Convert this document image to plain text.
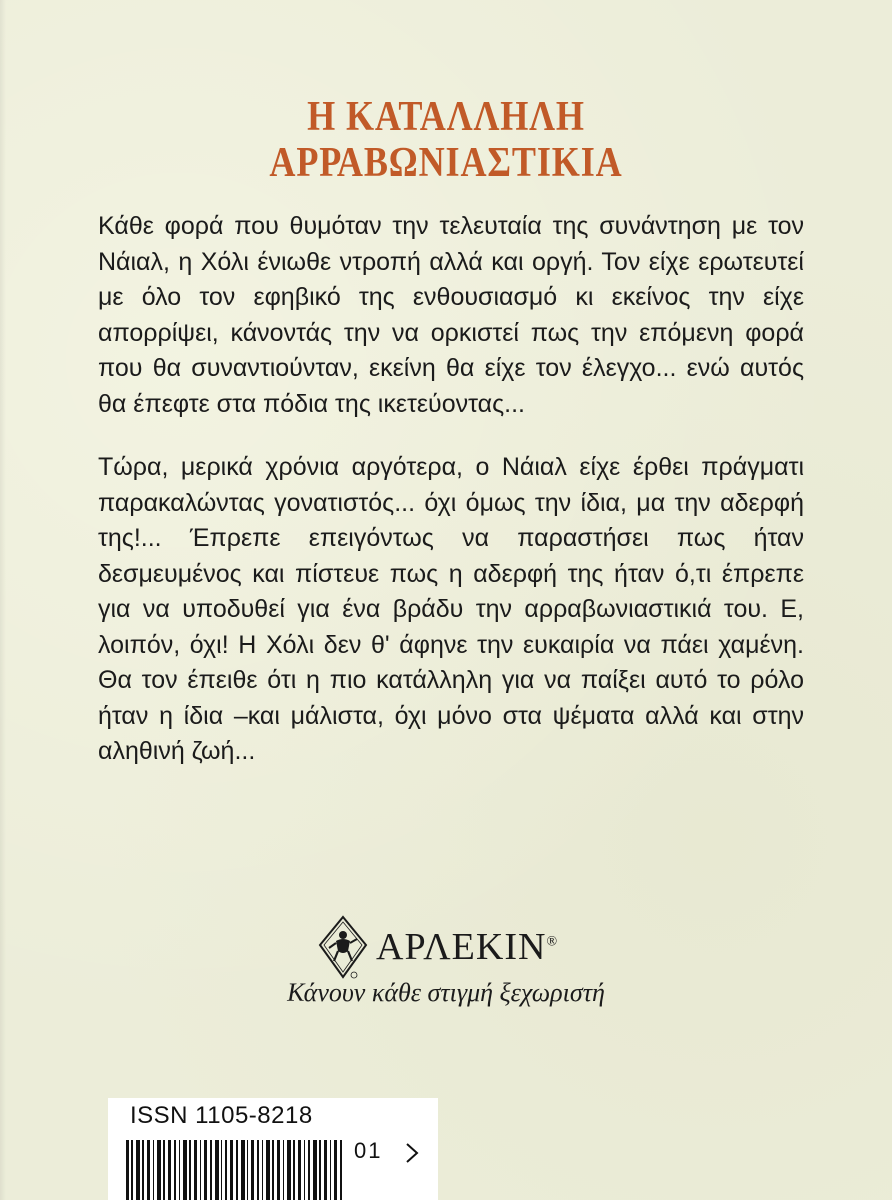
Η ΚΑΤΑΛΛΗΛΗ
ΑΡΡΑΒΩΝΙΑΣΤΙΚΙΑ

Κάθε φορά που θυμόταν την τελευταία της συνάντηση με τον Νάιαλ, η Χόλι ένιωθε ντροπή αλλά και οργή. Τον είχε ερωτευτεί με όλο τον εφηβικό της ενθουσιασμό κι εκείνος την είχε απορρίψει, κάνοντάς την να ορκιστεί πως την επόμενη φορά που θα συναντιούνταν, εκείνη θα είχε τον έλεγχο... ενώ αυτός θα έπεφτε στα πόδια της ικετεύοντας...

Τώρα, μερικά χρόνια αργότερα, ο Νάιαλ είχε έρθει πράγματι παρακαλώντας γονατιστός... όχι όμως την ίδια, μα την αδερφή της!... Έπρεπε επειγόντως να παραστήσει πως ήταν δεσμευμένος και πίστευε πως η αδερφή της ήταν ό,τι έπρεπε για να υποδυθεί για ένα βράδυ την αρραβωνιαστικιά του. Ε, λοιπόν, όχι! Η Χόλι δεν θ' άφηνε την ευκαιρία να πάει χαμένη. Θα τον έπειθε ότι η πιο κατάλληλη για να παίξει αυτό το ρόλο ήταν η ίδια –και μάλιστα, όχι μόνο στα ψέματα αλλά και στην αληθινή ζωή...

ΑΡΛΕΚΙΝ®

Κάνουν κάθε στιγμή ξεχωριστή

ISSN 1105-8218

01
